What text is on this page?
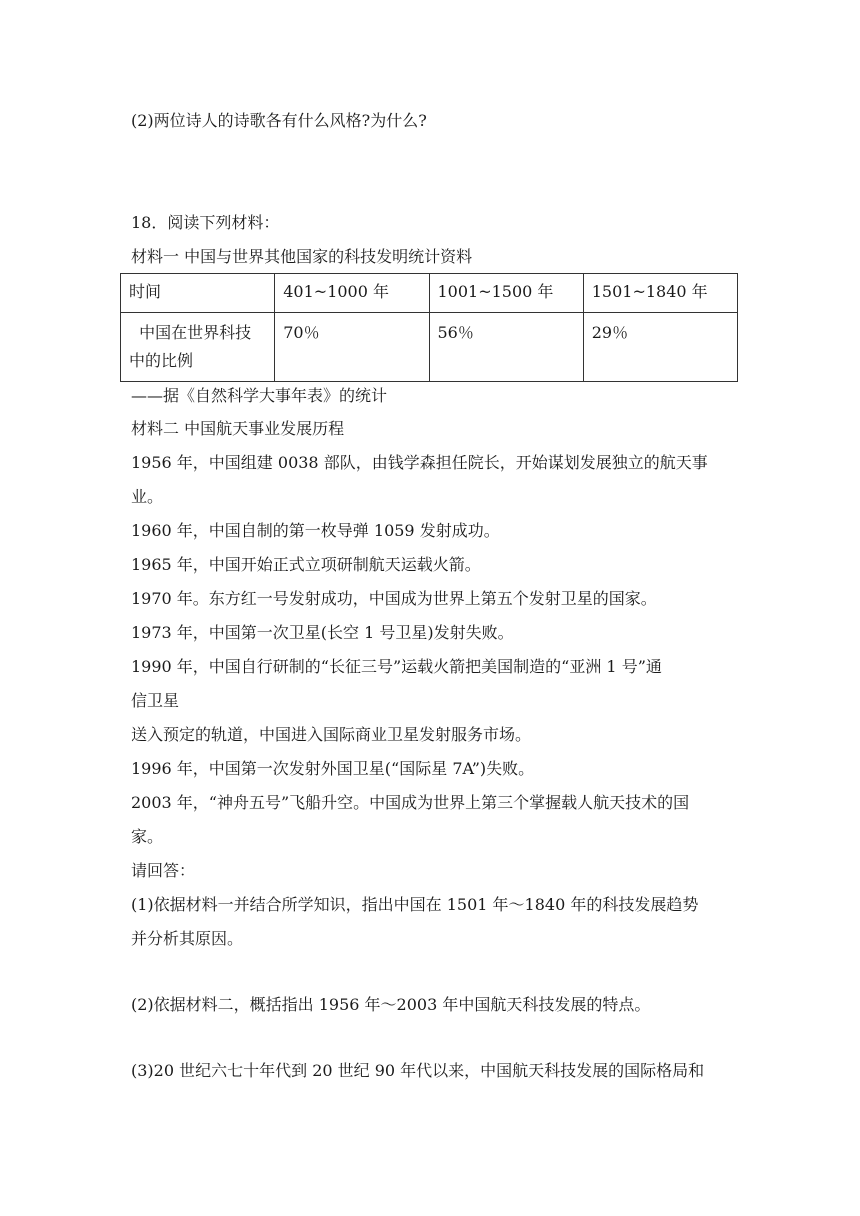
(2)两位诗人的诗歌各有什么风格?为什么?
18．阅读下列材料：
材料一 中国与世界其他国家的科技发明统计资料
时间	401~1000 年	1001~1500 年	1501~1840 年
中国在世界科技中的比例	70％	56％	29％
——据《自然科学大事年表》的统计
材料二 中国航天事业发展历程
1956 年，中国组建 0038 部队，由钱学森担任院长，开始谋划发展独立的航天事
业。
1960 年，中国自制的第一枚导弹 1059 发射成功。
1965 年，中国开始正式立项研制航天运载火箭。
1970 年。东方红一号发射成功，中国成为世界上第五个发射卫星的国家。
1973 年，中国第一次卫星(长空 1 号卫星)发射失败。
1990 年，中国自行研制的“长征三号”运载火箭把美国制造的“亚洲 1 号”通
信卫星
送入预定的轨道，中国进入国际商业卫星发射服务市场。
1996 年，中国第一次发射外国卫星(“国际星 7A”)失败。
2003 年，“神舟五号”飞船升空。中国成为世界上第三个掌握载人航天技术的国
家。
请回答：
(1)依据材料一并结合所学知识，指出中国在 1501 年～1840 年的科技发展趋势
并分析其原因。
(2)依据材料二，概括指出 1956 年～2003 年中国航天科技发展的特点。
(3)20 世纪六七十年代到 20 世纪 90 年代以来，中国航天科技发展的国际格局和
